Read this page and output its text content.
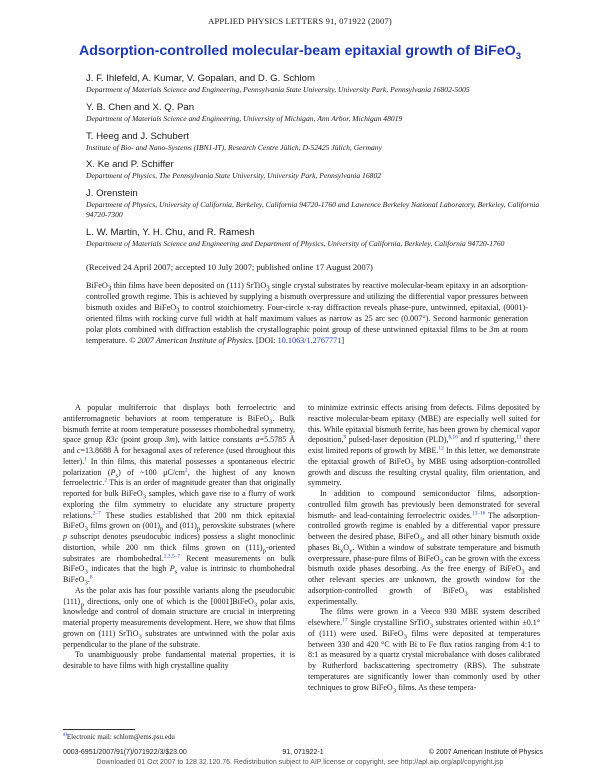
APPLIED PHYSICS LETTERS 91, 071922 (2007)
Adsorption-controlled molecular-beam epitaxial growth of BiFeO$_3$
J. F. Ihlefeld, A. Kumar, V. Gopalan, and D. G. Schlom
Department of Materials Science and Engineering, Pennsylvania State University, University Park, Pennsylvania 16802-5005
Y. B. Chen and X. Q. Pan
Department of Materials Science and Engineering, University of Michigan, Ann Arbor, Michigan 48019
T. Heeg and J. Schubert
Institute of Bio- and Nano-Systems (IBN1-IT), Research Centre Jülich, D-52425 Jülich, Germany
X. Ke and P. Schiffer
Department of Physics, The Pennsylvania State University, University Park, Pennsylvania 16802
J. Orenstein
Department of Physics, University of California, Berkeley, California 94720-1760 and Lawrence Berkeley National Laboratory, Berkeley, California 94720-7300
L. W. Martin, Y. H. Chu, and R. Ramesh
Department of Materials Science and Engineering and Department of Physics, University of California, Berkeley, California 94720-1760
(Received 24 April 2007; accepted 10 July 2007; published online 17 August 2007)
BiFeO$_3$ thin films have been deposited on (111) SrTiO$_3$ single crystal substrates by reactive molecular-beam epitaxy in an adsorption-controlled growth regime. This is achieved by supplying a bismuth overpressure and utilizing the differential vapor pressures between bismuth oxides and BiFeO$_3$ to control stoichiometry. Four-circle x-ray diffraction reveals phase-pure, untwinned, epitaxial, (0001)-oriented films with rocking curve full width at half maximum values as narrow as 25 arc sec (0.007°). Second harmonic generation polar plots combined with diffraction establish the crystallographic point group of these untwinned epitaxial films to be 3m at room temperature. © 2007 American Institute of Physics. [DOI: 10.1063/1.2767771]

A popular multiferroic that displays both ferroelectric and antiferromagnetic behaviors at room temperature is BiFeO$_3$. Bulk bismuth ferrite at room temperature possesses rhombohedral symmetry, space group R3c (point group 3m), with lattice constants a=5.5785 Å and c=13.8688 Å for hexagonal axes of reference (used throughout this letter).$^1$ In thin films, this material possesses a spontaneous electric polarization $(P_s)$ of ~100 $\mu C/cm^2$, the highest of any known ferroelectric.$^2$ This is an order of magnitude greater than that originally reported for bulk BiFeO$_3$ samples, which gave rise to a flurry of work exploring the film symmetry to elucidate any structure property relations.$^{2-7}$ These studies established that 200 nm thick epitaxial BiFeO$_3$ films grown on $(001)_p$ and $(011)_p$ perovskite substrates (where p subscript denotes pseudocubic indices) possess a slight monoclinic distortion, while 200 nm thick films grown on $(111)_p$-oriented substrates are rhombohedral.$^{2,3,5-7}$ Recent measurements on bulk BiFeO$_3$ indicates that the high $P_s$ value is intrinsic to rhombohedral BiFeO$_3$.$^8$

As the polar axis has four possible variants along the pseudocubic $⟨111⟩_p$ directions, only one of which is the [0001]BiFeO$_3$ polar axis, knowledge and control of domain structure are crucial in interpreting material property measurements development. Here, we show that films grown on (111) SrTiO$_3$ substrates are untwinned with the polar axis perpendicular to the plane of the substrate.

To unambiguously probe fundamental material properties, it is desirable to have films with high crystalline quality

to minimize extrinsic effects arising from defects. Films deposited by reactive molecular-beam epitaxy (MBE) are especially well suited for this. While epitaxial bismuth ferrite, has been grown by chemical vapor deposition,$^9$ pulsed-laser deposition (PLD),$^{6,10}$ and rf sputtering,$^{11}$ there exist limited reports of growth by MBE.$^{12}$ In this letter, we demonstrate the epitaxial growth of BiFeO$_3$ by MBE using adsorption-controlled growth and discuss the resulting crystal quality, film orientation, and symmetry.

In addition to compound semiconductor films, adsorption-controlled film growth has previously been demonstrated for several bismuth- and lead-containing ferroelectric oxides.$^{13-16}$ The adsorption-controlled growth regime is enabled by a differential vapor pressure between the desired phase, BiFeO$_3$, and all other binary bismuth oxide phases $Bi_xO_y$. Within a window of substrate temperature and bismuth overpressure, phase-pure films of BiFeO$_3$ can be grown with the excess bismuth oxide phases desorbing. As the free energy of BiFeO$_3$ and other relevant species are unknown, the growth window for the adsorption-controlled growth of BiFeO$_3$ was established experimentally.

The films were grown in a Veeco 930 MBE system described elsewhere.$^{17}$ Single crystalline SrTiO$_3$ substrates oriented within ±0.1° of (111) were used. BiFeO$_3$ films were deposited at temperatures between 330 and 420 °C with Bi to Fe flux ratios ranging from 4:1 to 8:1 as measured by a quartz crystal microbalance with doses calibrated by Rutherford backscattering spectrometry (RBS). The substrate temperatures are significantly lower than commonly used by other techniques to grow BiFeO$_3$ films. As these tempera-

$^{a)}$Electronic mail: schlom@ems.psu.edu
0003-6951/2007/91(7)/071922/3/$23.00	91, 071922-1	© 2007 American Institute of Physics
Downloaded 01 Oct 2007 to 128.32.120.76. Redistribution subject to AIP license or copyright, see http://apl.aip.org/apl/copyright.jsp
